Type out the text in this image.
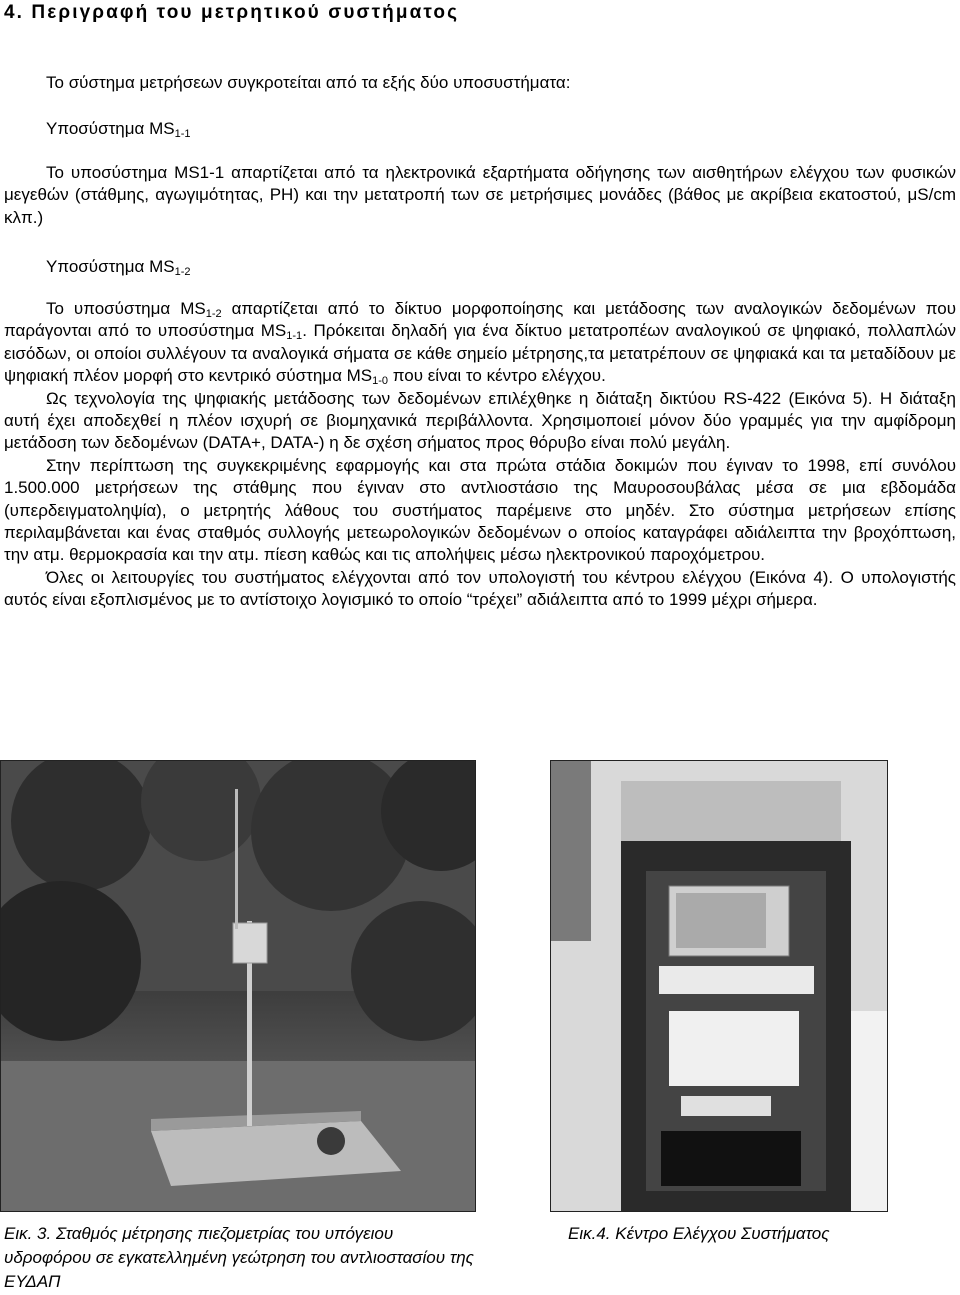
4. Περιγραφή του μετρητικού συστήματος
Το σύστημα μετρήσεων συγκροτείται από τα εξής δύο υποσυστήματα:
Υποσύστημα $MS_{1-1}$

Το υποσύστημα MS1-1 απαρτίζεται από τα ηλεκτρονικά εξαρτήματα οδήγησης των αισθητήρων ελέγχου των φυσικών μεγεθών (στάθμης, αγωγιμότητας, PH) και την μετατροπή των σε μετρήσιμες μονάδες (βάθος με ακρίβεια εκατοστού, μS/cm κλπ.)

Υποσύστημα $MS_{1-2}$

Το υποσύστημα $MS_{1-2}$ απαρτίζεται από το δίκτυο μορφοποίησης και μετάδοσης των αναλογικών δεδομένων που παράγονται από το υποσύστημα $MS_{1-1}$. Πρόκειται δηλαδή για ένα δίκτυο μετατροπέων αναλογικού σε ψηφιακό, πολλαπλών εισόδων, οι οποίοι συλλέγουν τα αναλογικά σήματα σε κάθε σημείο μέτρησης,τα μετατρέπουν σε ψηφιακά και τα μεταδίδουν με ψηφιακή πλέον μορφή στο κεντρικό σύστημα $MS_{1-0}$ που είναι το κέντρο ελέγχου.

Ως τεχνολογία της ψηφιακής μετάδοσης των δεδομένων επιλέχθηκε η διάταξη δικτύου RS-422 (Εικόνα 5). Η διάταξη αυτή έχει αποδεχθεί η πλέον ισχυρή σε βιομηχανικά περιβάλλοντα. Χρησιμοποιεί μόνον δύο γραμμές για την αμφίδρομη μετάδοση των δεδομένων (DATA+, DATA-) η δε σχέση σήματος προς θόρυβο είναι πολύ μεγάλη.

Στην περίπτωση της συγκεκριμένης εφαρμογής και στα πρώτα στάδια δοκιμών που έγιναν το 1998, επί συνόλου 1.500.000 μετρήσεων της στάθμης που έγιναν στο αντλιοστάσιο της Μαυροσουβάλας μέσα σε μια εβδομάδα (υπερδειγματοληψία), ο μετρητής λάθους του συστήματος παρέμεινε στο μηδέν. Στο σύστημα μετρήσεων επίσης περιλαμβάνεται και ένας σταθμός συλλογής μετεωρολογικών δεδομένων ο οποίος καταγράφει αδιάλειπτα την βροχόπτωση, την ατμ. θερμοκρασία και την ατμ. πίεση καθώς και τις απολήψεις μέσω ηλεκτρονικού παροχόμετρου.

Όλες οι λειτουργίες του συστήματος ελέγχονται από τον υπολογιστή του κέντρου ελέγχου (Εικόνα 4). Ο υπολογιστής αυτός είναι εξοπλισμένος με το αντίστοιχο λογισμικό το οποίο “τρέχει” αδιάλειπτα από το 1999 μέχρι σήμερα.

Εικ. 3. Σταθμός μέτρησης πιεζομετρίας του υπόγειου υδροφόρου σε εγκατελλημένη γεώτρηση του αντλιοστασίου της ΕΥΔΑΠ
Εικ.4. Κέντρο Ελέγχου Συστήματος
